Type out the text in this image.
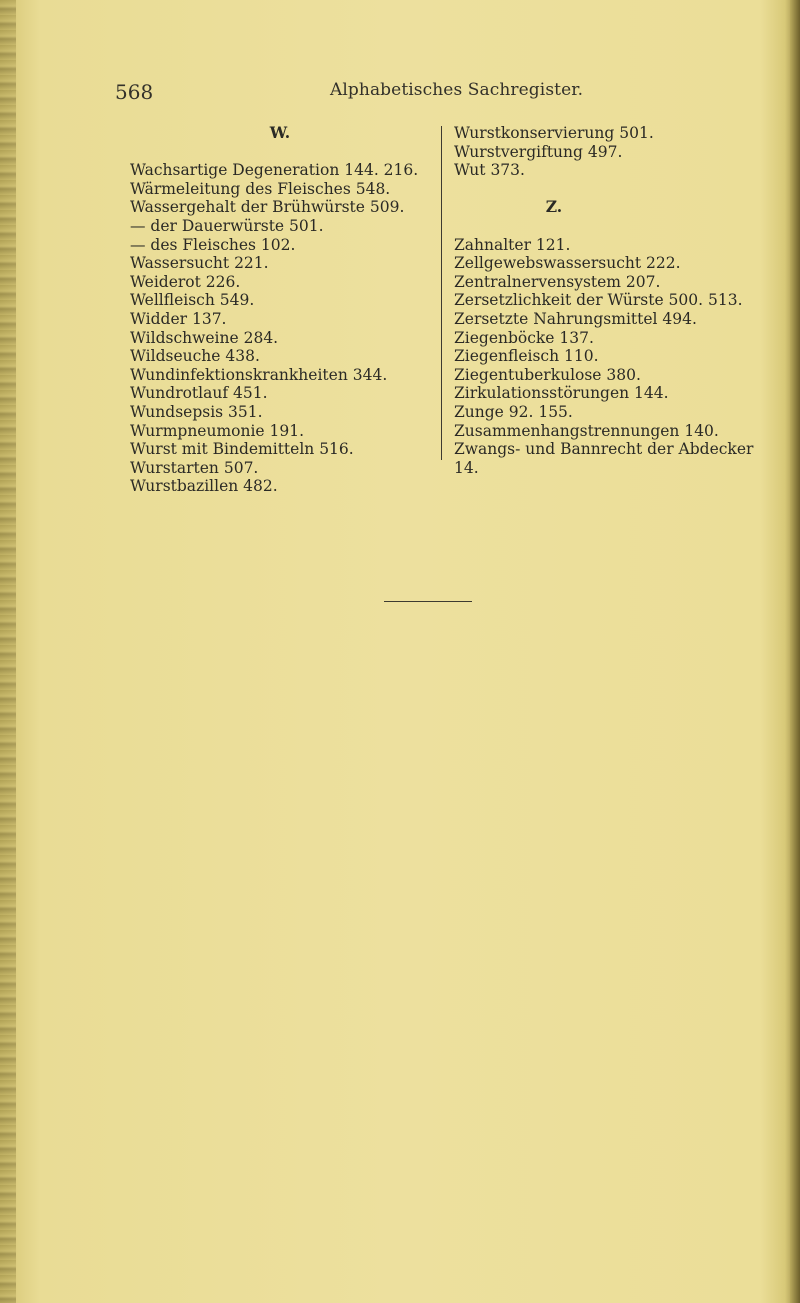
568	Alphabetisches Sachregister.
W.
Wachsartige Degeneration 144. 216.
Wärmeleitung des Fleisches 548.
Wassergehalt der Brühwürste 509.
— der Dauerwürste 501.
— des Fleisches 102.
Wassersucht 221.
Weiderot 226.
Wellfleisch 549.
Widder 137.
Wildschweine 284.
Wildseuche 438.
Wundinfektionskrankheiten 344.
Wundrotlauf 451.
Wundsepsis 351.
Wurmpneumonie 191.
Wurst mit Bindemitteln 516.
Wurstarten 507.
Wurstbazillen 482.
Wurstkonservierung 501.
Wurstvergiftung 497.
Wut 373.
Z.
Zahnalter 121.
Zellgewebswassersucht 222.
Zentralnervensystem 207.
Zersetzlichkeit der Würste 500. 513.
Zersetzte Nahrungsmittel 494.
Ziegenböcke 137.
Ziegenfleisch 110.
Ziegentuberkulose 380.
Zirkulationsstörungen 144.
Zunge 92. 155.
Zusammenhangstrennungen 140.
Zwangs- und Bannrecht der Abdecker
14.
